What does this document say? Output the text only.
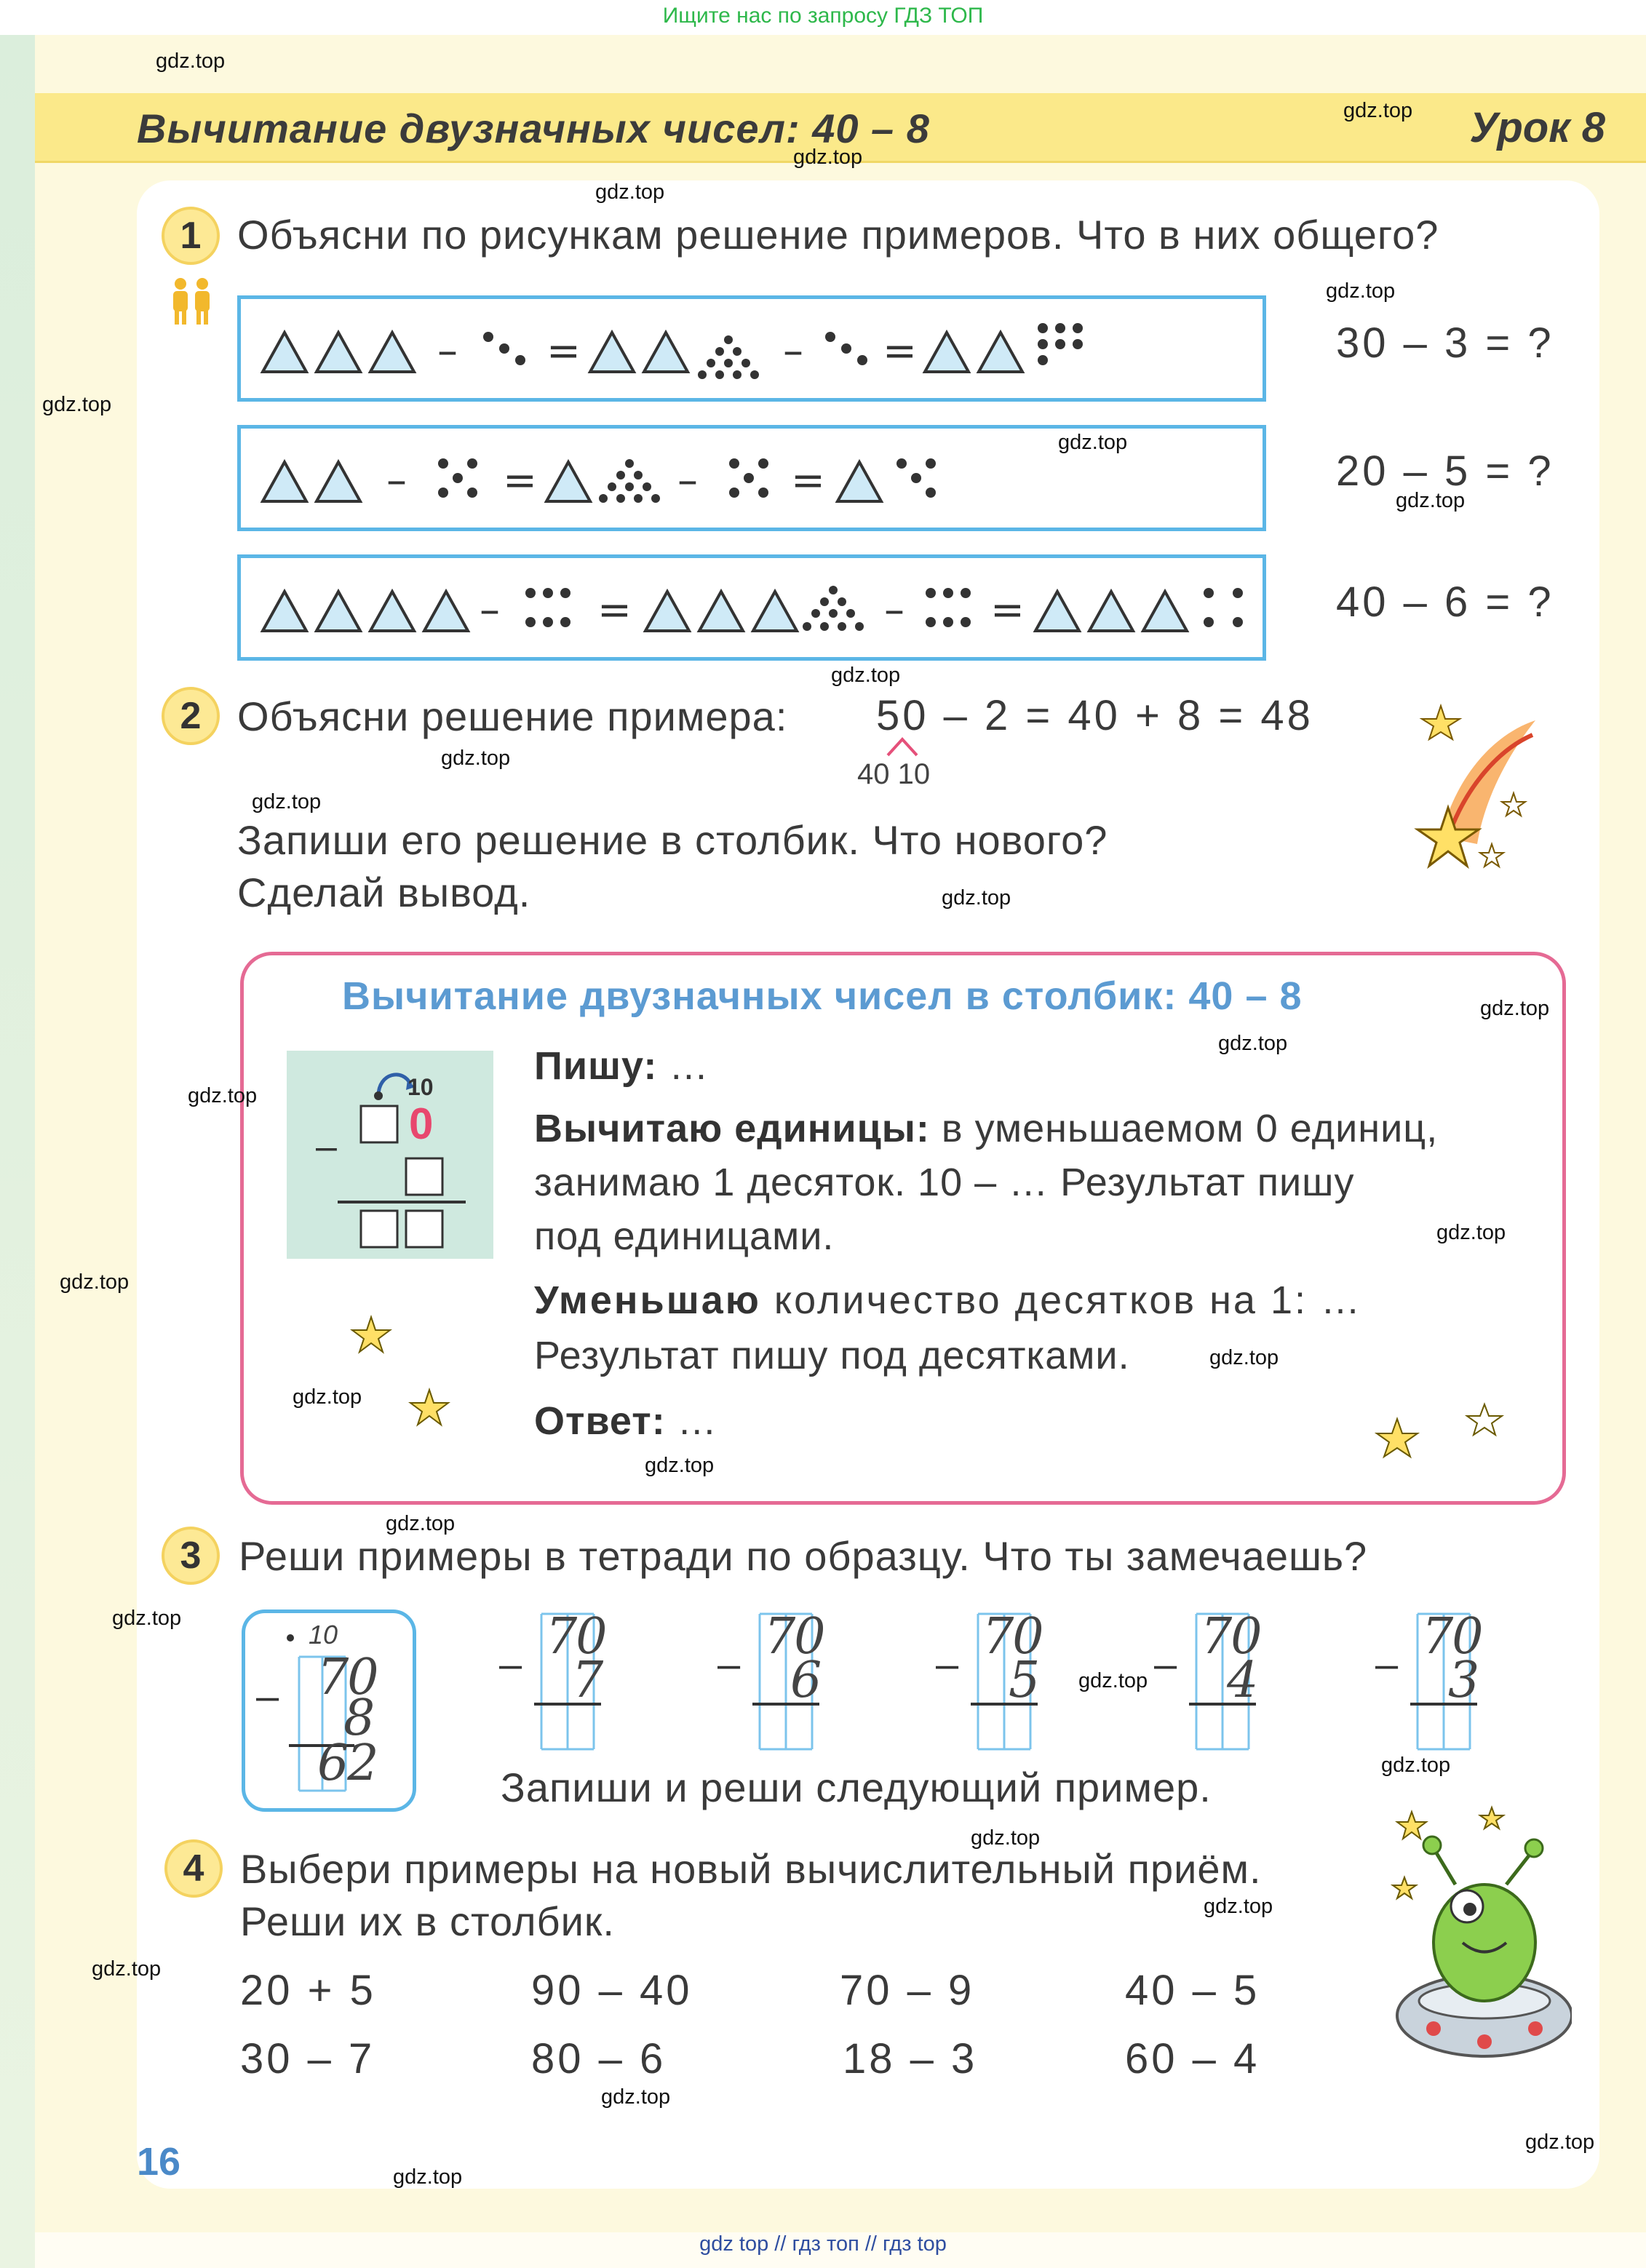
Ищите нас по запросу ГДЗ ТОП
Вычитание двузначных чисел: 40 – 8	Урок 8
1 Объясни по рисункам решение примеров. Что в них общего?
– =	– =	30 – 3 = ?
– =	– =	20 – 5 = ?
– =	– =	40 – 6 = ?
2 Объясни решение примера: 50 – 2 = 40 + 8 = 48
40 10
Запиши его решение в столбик. Что нового?
Сделай вывод.
Вычитание двузначных чисел в столбик: 40 – 8
10
0
–
Пишу: …
Вычитаю единицы: в уменьшаемом 0 единиц,
занимаю 1 десяток. 10 – … Результат пишу
под единицами.
Уменьшаю количество десятков на 1: …
Результат пишу под десятками.
Ответ: …
3 Реши примеры в тетради по образцу. Что ты замечаешь?
10
70
8
62
–
– 70
7	– 70
6	– 70
5	– 70
4	– 70
3
Запиши и реши следующий пример.
4 Выбери примеры на новый вычислительный приём.
Реши их в столбик.
20 + 5	90 – 40	70 – 9	40 – 5
30 – 7	80 – 6	18 – 3	60 – 4
16
gdz.top
gdz.top
gdz.top
gdz.top
gdz.top
gdz.top
gdz.top
gdz.top
gdz.top
gdz.top
gdz.top
gdz.top
gdz.top
gdz.top
gdz.top
gdz.top
gdz.top
gdz.top
gdz.top
gdz.top
gdz.top
gdz.top
gdz.top
gdz.top
gdz.top
gdz.top
gdz.top
gdz.top
gdz.top
gdz.top
gdz top // гдз топ // гдз top
